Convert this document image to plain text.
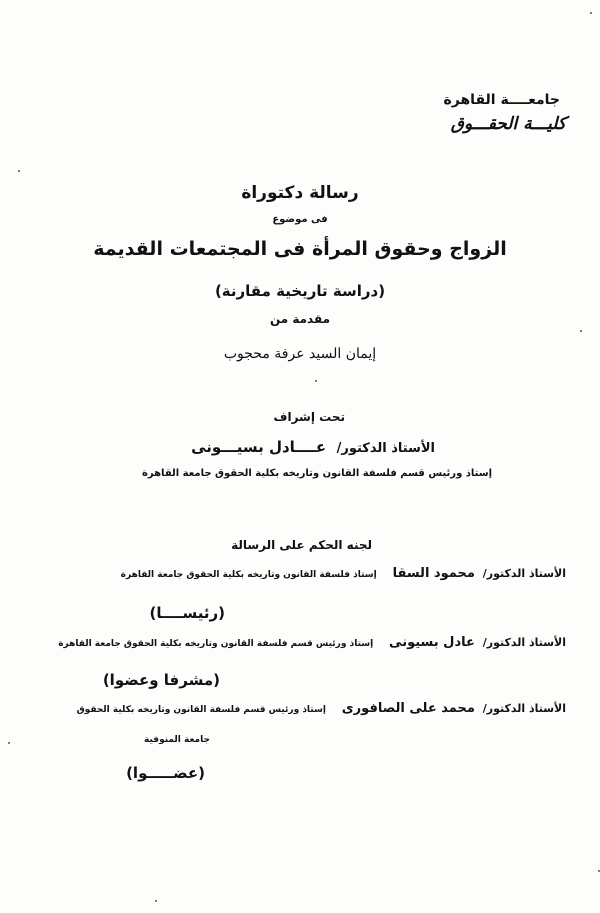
جامعــــة القاهرة
كليـــة الحقـــوق
رسالة دكتوراة
فى موضوع
الزواج وحقوق المرأة فى المجتمعات القديمة
(دراسة تاريخية مقارنة)
مقدمة من
إيمان السيد عرفة محجوب
تحت إشراف
الأستاذ الدكتور/ عــــادل بسيـــونى
إستاذ ورئيس قسم فلسفة القانون وتاريخه بكلية الحقوق جامعة القاهرة
لجنه الحكم على الرسالة
الأستاذ الدكتور/ محمود السقا إستاذ فلسفة القانون وتاريخه بكلية الحقوق جامعة القاهرة
(رئيســــا)
الأستاذ الدكتور/ عادل بسيونى إستاذ ورئيس قسم فلسفة القانون وتاريخه بكلية الحقوق جامعة القاهرة
(مشرفا وعضوا)
الأستاذ الدكتور/ محمد على الصافورى إستاذ ورئيس قسم فلسفة القانون وتاريخه بكلية الحقوق
جامعة المنوفية
(عضـــــوا)
